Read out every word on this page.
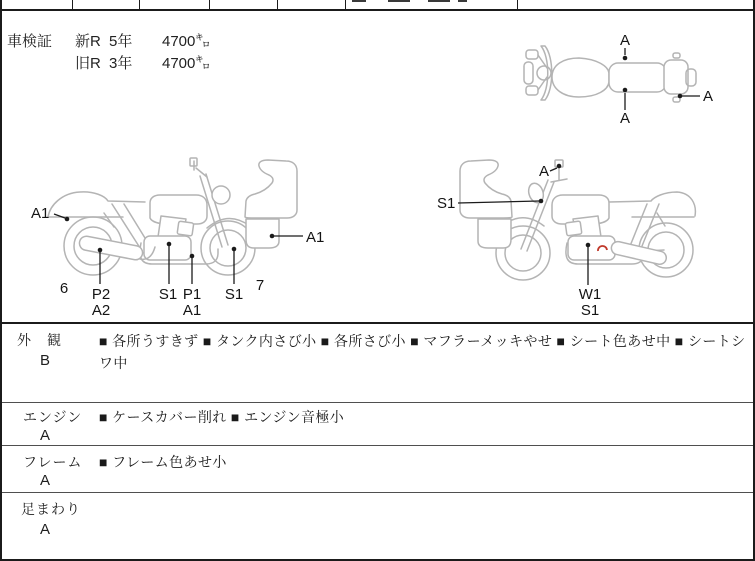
車検証 新R 5年 4700㌔
旧R 3年 4700㌔
A
A
A
A1
6 P2
A2
S1 P1
A1
S1
7
A1
A
S1
W1
S1
外　観
B
■ 各所うすきず ■ タンク内さび小 ■ 各所さび小 ■ マフラーメッキやせ ■ シート色あせ中 ■ シートシワ中
エンジン
A
■ ケースカバー削れ ■ エンジン音極小
フレーム
A
■ フレーム色あせ小
足まわり
A
